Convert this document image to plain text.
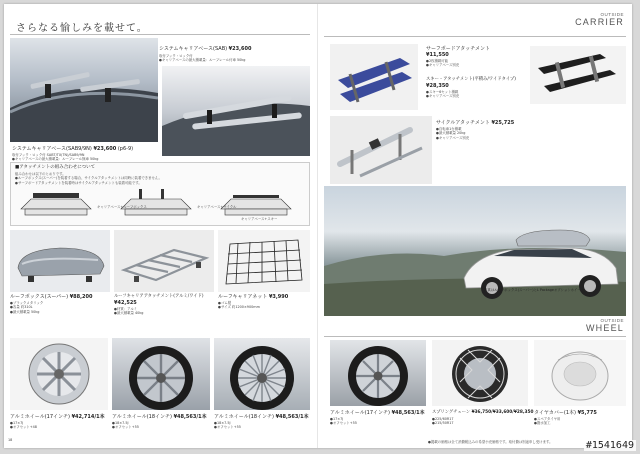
さらなる愉しみを載せて。
システムキャリアベース(SAB) ¥23,600
取付フック・ロック付
●キャリアベースの最大積載量：ルーフレール付車 50kg
システムキャリアベース(SAB9/9N) ¥23,600 (p6-9)
取付フック・ロック付 SABT/TX(TN)/SAB9/9N
●キャリアベースの最大積載量：ルーフレール無車 50kg
■アタッチメントの組み合わせについて
組み合わせは以下のとおりです。
●ルーフボックス(スーパー)を装着する場合、サイクルアタッチメントは同時に装着できません。
●サーフボードアタッチメントを装着時はサイクルアタッチメントも装着可能です。
キャリアベース+ルーフボックス	キャリアベース+サイクル
キャリアベース+スキー
ルーフボックス(スーパー) ¥88,200
●ブラックメタリック
●容量 約310L
●最大積載量 50kg
ルーフキャリアアタッチメント(アルミ/ワイド)
¥42,525
●材質：アルミ
●最大積載量 40kg
ルーフキャリアネット ¥3,990
●ゴム製
●サイズ 約1200×900mm
アルミホイール(17インチ) ¥42,714/1本
●17×7J
●オフセット+48
アルミホイール(18インチ) ¥48,563/1本
●18×7.5J
●オフセット+55
アルミホイール(18インチ) ¥48,563/1本
●18×7.5J
●オフセット+55
18
OUTSIDE
CARRIER
サーフボードアタッチメント
¥11,550
●2枚積載可能
●キャリアベース別売
スキー・アタッチメント(平積み/ワイドタイプ)
¥28,350
●スキー6セット積載
●キャリアベース別売
サイクルアタッチメント ¥25,725
●自転車1台積載
●最大積載量 20kg
●キャリアベース別売
写真はルーフボックス(スーパー)とL Packageオプションホイール
OUTSIDE
WHEEL
アルミホイール(17インチ) ¥48,563/1本
●17×7J
●オフセット+55
スプリングチェーン ¥36,750/¥33,600/¥28,350
●225/60R17
●215/50R17
タイヤカバー(1本) ¥5,775
●スペアタイヤ用
●撥水加工
●掲載の価格は全て消費税込みの希望小売価格です。取付費は別途申し受けます。	#1541649
